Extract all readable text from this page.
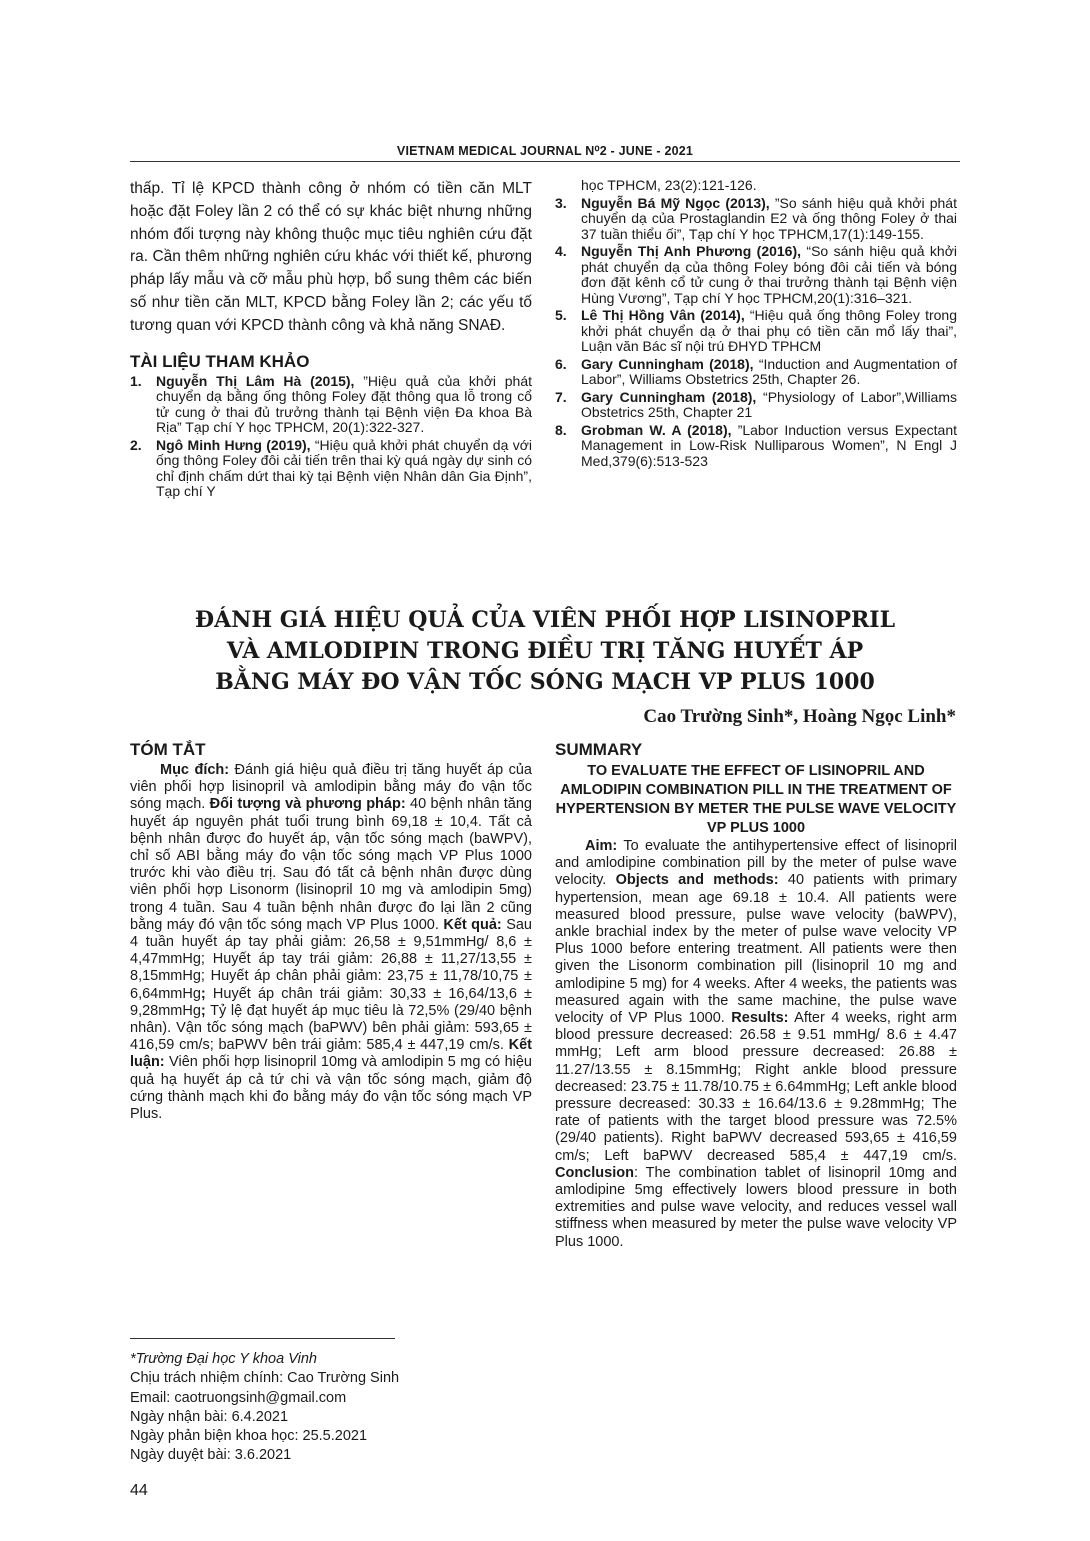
VIETNAM MEDICAL JOURNAL N⁰2 - JUNE - 2021

thấp. Tỉ lệ KPCD thành công ở nhóm có tiền căn MLT hoặc đặt Foley lần 2 có thể có sự khác biệt nhưng những nhóm đối tượng này không thuộc mục tiêu nghiên cứu đặt ra. Cần thêm những nghiên cứu khác với thiết kế, phương pháp lấy mẫu và cỡ mẫu phù hợp, bổ sung thêm các biến số như tiền căn MLT, KPCD bằng Foley lần 2; các yếu tố tương quan với KPCD thành công và khả năng SNAĐ.

TÀI LIỆU THAM KHẢO
1. Nguyễn Thị Lâm Hà (2015), ”Hiệu quả của khởi phát chuyển dạ bằng ống thông Foley đặt thông qua lỗ trong cổ tử cung ở thai đủ trưởng thành tại Bệnh viện Đa khoa Bà Rịa” Tạp chí Y học TPHCM, 20(1):322-327.
2. Ngô Minh Hưng (2019), “Hiệu quả khởi phát chuyển dạ với ống thông Foley đôi cải tiến trên thai kỳ quá ngày dự sinh có chỉ định chấm dứt thai kỳ tại Bệnh viện Nhân dân Gia Định”, Tạp chí Y
học TPHCM, 23(2):121-126.
3. Nguyễn Bá Mỹ Ngọc (2013), ”So sánh hiệu quả khởi phát chuyển dạ của Prostaglandin E2 và ống thông Foley ở thai 37 tuần thiểu ối”, Tạp chí Y học TPHCM,17(1):149-155.
4. Nguyễn Thị Anh Phương (2016), “So sánh hiệu quả khởi phát chuyển dạ của thông Foley bóng đôi cải tiến và bóng đơn đặt kênh cổ tử cung ở thai trưởng thành tại Bệnh viện Hùng Vương”, Tạp chí Y học TPHCM,20(1):316–321.
5. Lê Thị Hồng Vân (2014), “Hiệu quả ống thông Foley trong khởi phát chuyển dạ ở thai phụ có tiền căn mổ lấy thai”, Luận văn Bác sĩ nội trú ĐHYD TPHCM
6. Gary Cunningham (2018), “Induction and Augmentation of Labor”, Williams Obstetrics 25th, Chapter 26.
7. Gary Cunningham (2018), “Physiology of Labor”,Williams Obstetrics 25th, Chapter 21
8. Grobman W. A (2018), ”Labor Induction versus Expectant Management in Low-Risk Nulliparous Women”, N Engl J Med,379(6):513-523
ĐÁNH GIÁ HIỆU QUẢ CỦA VIÊN PHỐI HỢP LISINOPRIL
VÀ AMLODIPIN TRONG ĐIỀU TRỊ TĂNG HUYẾT ÁP
BẰNG MÁY ĐO VẬN TỐC SÓNG MẠCH VP PLUS 1000
Cao Trường Sinh*, Hoàng Ngọc Linh*
TÓM TẮT

Mục đích: Đánh giá hiệu quả điều trị tăng huyết áp của viên phối hợp lisinopril và amlodipin bằng máy đo vận tốc sóng mạch. Đối tượng và phương pháp: 40 bệnh nhân tăng huyết áp nguyên phát tuổi trung bình 69,18 ± 10,4. Tất cả bệnh nhân được đo huyết áp, vận tốc sóng mạch (baWPV), chỉ số ABI bằng máy đo vận tốc sóng mạch VP Plus 1000 trước khi vào điều trị. Sau đó tất cả bệnh nhân được dùng viên phối hợp Lisonorm (lisinopril 10 mg và amlodipin 5mg) trong 4 tuần. Sau 4 tuần bệnh nhân được đo lại lần 2 cũng bằng máy đó vận tốc sóng mạch VP Plus 1000. Kết quả: Sau 4 tuần huyết áp tay phải giảm: 26,58 ± 9,51mmHg/ 8,6 ± 4,47mmHg; Huyết áp tay trái giảm: 26,88 ± 11,27/13,55 ± 8,15mmHg; Huyết áp chân phải giảm: 23,75 ± 11,78/10,75 ± 6,64mmHg; Huyết áp chân trái giảm: 30,33 ± 16,64/13,6 ± 9,28mmHg; Tỷ lệ đạt huyết áp mục tiêu là 72,5% (29/40 bệnh nhân). Vận tốc sóng mạch (baPWV) bên phải giảm: 593,65 ± 416,59 cm/s; baPWV bên trái giảm: 585,4 ± 447,19 cm/s. Kết luận: Viên phối hợp lisinopril 10mg và amlodipin 5 mg có hiệu quả hạ huyết áp cả tứ chi và vận tốc sóng mạch, giảm độ cứng thành mạch khi đo bằng máy đo vận tốc sóng mạch VP Plus.

SUMMARY
TO EVALUATE THE EFFECT OF LISINOPRIL AND AMLODIPIN COMBINATION PILL IN THE TREATMENT OF HYPERTENSION BY METER THE PULSE WAVE VELOCITY VP PLUS 1000

Aim: To evaluate the antihypertensive effect of lisinopril and amlodipine combination pill by the meter of pulse wave velocity. Objects and methods: 40 patients with primary hypertension, mean age 69.18 ± 10.4. All patients were measured blood pressure, pulse wave velocity (baWPV), ankle brachial index by the meter of pulse wave velocity VP Plus 1000 before entering treatment. All patients were then given the Lisonorm combination pill (lisinopril 10 mg and amlodipine 5 mg) for 4 weeks. After 4 weeks, the patients was measured again with the same machine, the pulse wave velocity of VP Plus 1000. Results: After 4 weeks, right arm blood pressure decreased: 26.58 ± 9.51 mmHg/ 8.6 ± 4.47 mmHg; Left arm blood pressure decreased: 26.88 ± 11.27/13.55 ± 8.15mmHg; Right ankle blood pressure decreased: 23.75 ± 11.78/10.75 ± 6.64mmHg; Left ankle blood pressure decreased: 30.33 ± 16.64/13.6 ± 9.28mmHg; The rate of patients with the target blood pressure was 72.5% (29/40 patients). Right baPWV decreased 593,65 ± 416,59 cm/s; Left baPWV decreased 585,4 ± 447,19 cm/s. Conclusion: The combination tablet of lisinopril 10mg and amlodipine 5mg effectively lowers blood pressure in both extremities and pulse wave velocity, and reduces vessel wall stiffness when measured by meter the pulse wave velocity VP Plus 1000.

*Trường Đại học Y khoa Vinh
Chịu trách nhiệm chính: Cao Trường Sinh
Email: caotruongsinh@gmail.com
Ngày nhận bài: 6.4.2021
Ngày phản biện khoa học: 25.5.2021
Ngày duyệt bài: 3.6.2021
44
